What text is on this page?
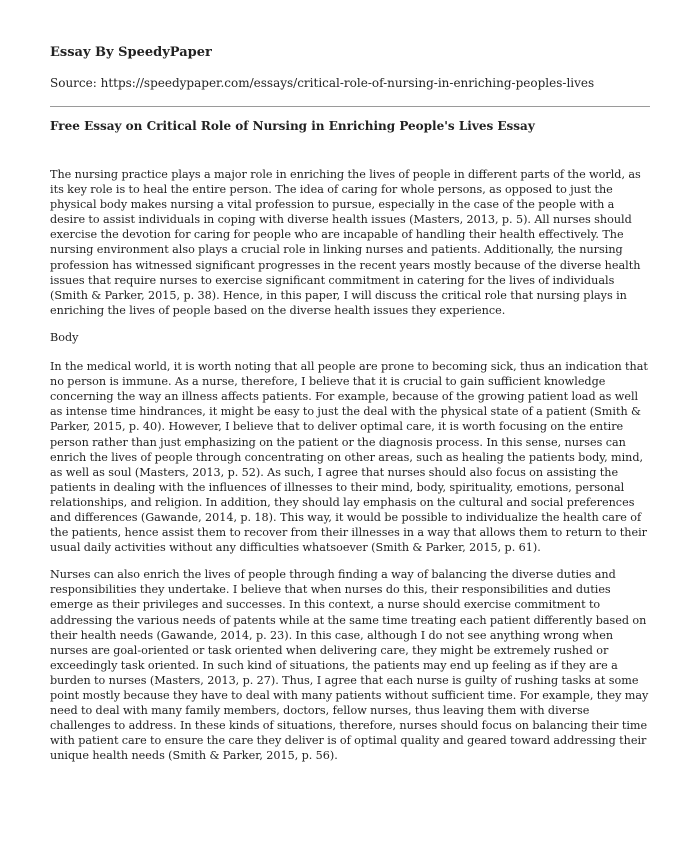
Essay By SpeedyPaper

Source: https://speedypaper.com/essays/critical-role-of-nursing-in-enriching-peoples-lives

Free Essay on Critical Role of Nursing in Enriching People's Lives Essay

The nursing practice plays a major role in enriching the lives of people in different parts of the world, as its key role is to heal the entire person. The idea of caring for whole persons, as opposed to just the physical body makes nursing a vital profession to pursue, especially in the case of the people with a desire to assist individuals in coping with diverse health issues (Masters, 2013, p. 5). All nurses should exercise the devotion for caring for people who are incapable of handling their health effectively. The nursing environment also plays a crucial role in linking nurses and patients. Additionally, the nursing profession has witnessed significant progresses in the recent years mostly because of the diverse health issues that require nurses to exercise significant commitment in catering for the lives of individuals (Smith & Parker, 2015, p. 38). Hence, in this paper, I will discuss the critical role that nursing plays in enriching the lives of people based on the diverse health issues they experience.

Body

In the medical world, it is worth noting that all people are prone to becoming sick, thus an indication that no person is immune. As a nurse, therefore, I believe that it is crucial to gain sufficient knowledge concerning the way an illness affects patients. For example, because of the growing patient load as well as intense time hindrances, it might be easy to just the deal with the physical state of a patient (Smith & Parker, 2015, p. 40). However, I believe that to deliver optimal care, it is worth focusing on the entire person rather than just emphasizing on the patient or the diagnosis process. In this sense, nurses can enrich the lives of people through concentrating on other areas, such as healing the patients body, mind, as well as soul (Masters, 2013, p. 52). As such, I agree that nurses should also focus on assisting the patients in dealing with the influences of illnesses to their mind, body, spirituality, emotions, personal relationships, and religion. In addition, they should lay emphasis on the cultural and social preferences and differences (Gawande, 2014, p. 18). This way, it would be possible to individualize the health care of the patients, hence assist them to recover from their illnesses in a way that allows them to return to their usual daily activities without any difficulties whatsoever (Smith & Parker, 2015, p. 61).

Nurses can also enrich the lives of people through finding a way of balancing the diverse duties and responsibilities they undertake. I believe that when nurses do this, their responsibilities and duties emerge as their privileges and successes. In this context, a nurse should exercise commitment to addressing the various needs of patents while at the same time treating each patient differently based on their health needs (Gawande, 2014, p. 23). In this case, although I do not see anything wrong when nurses are goal-oriented or task oriented when delivering care, they might be extremely rushed or exceedingly task oriented. In such kind of situations, the patients may end up feeling as if they are a burden to nurses (Masters, 2013, p. 27). Thus, I agree that each nurse is guilty of rushing tasks at some point mostly because they have to deal with many patients without sufficient time. For example, they may need to deal with many family members, doctors, fellow nurses, thus leaving them with diverse challenges to address. In these kinds of situations, therefore, nurses should focus on balancing their time with patient care to ensure the care they deliver is of optimal quality and geared toward addressing their unique health needs (Smith & Parker, 2015, p. 56).
